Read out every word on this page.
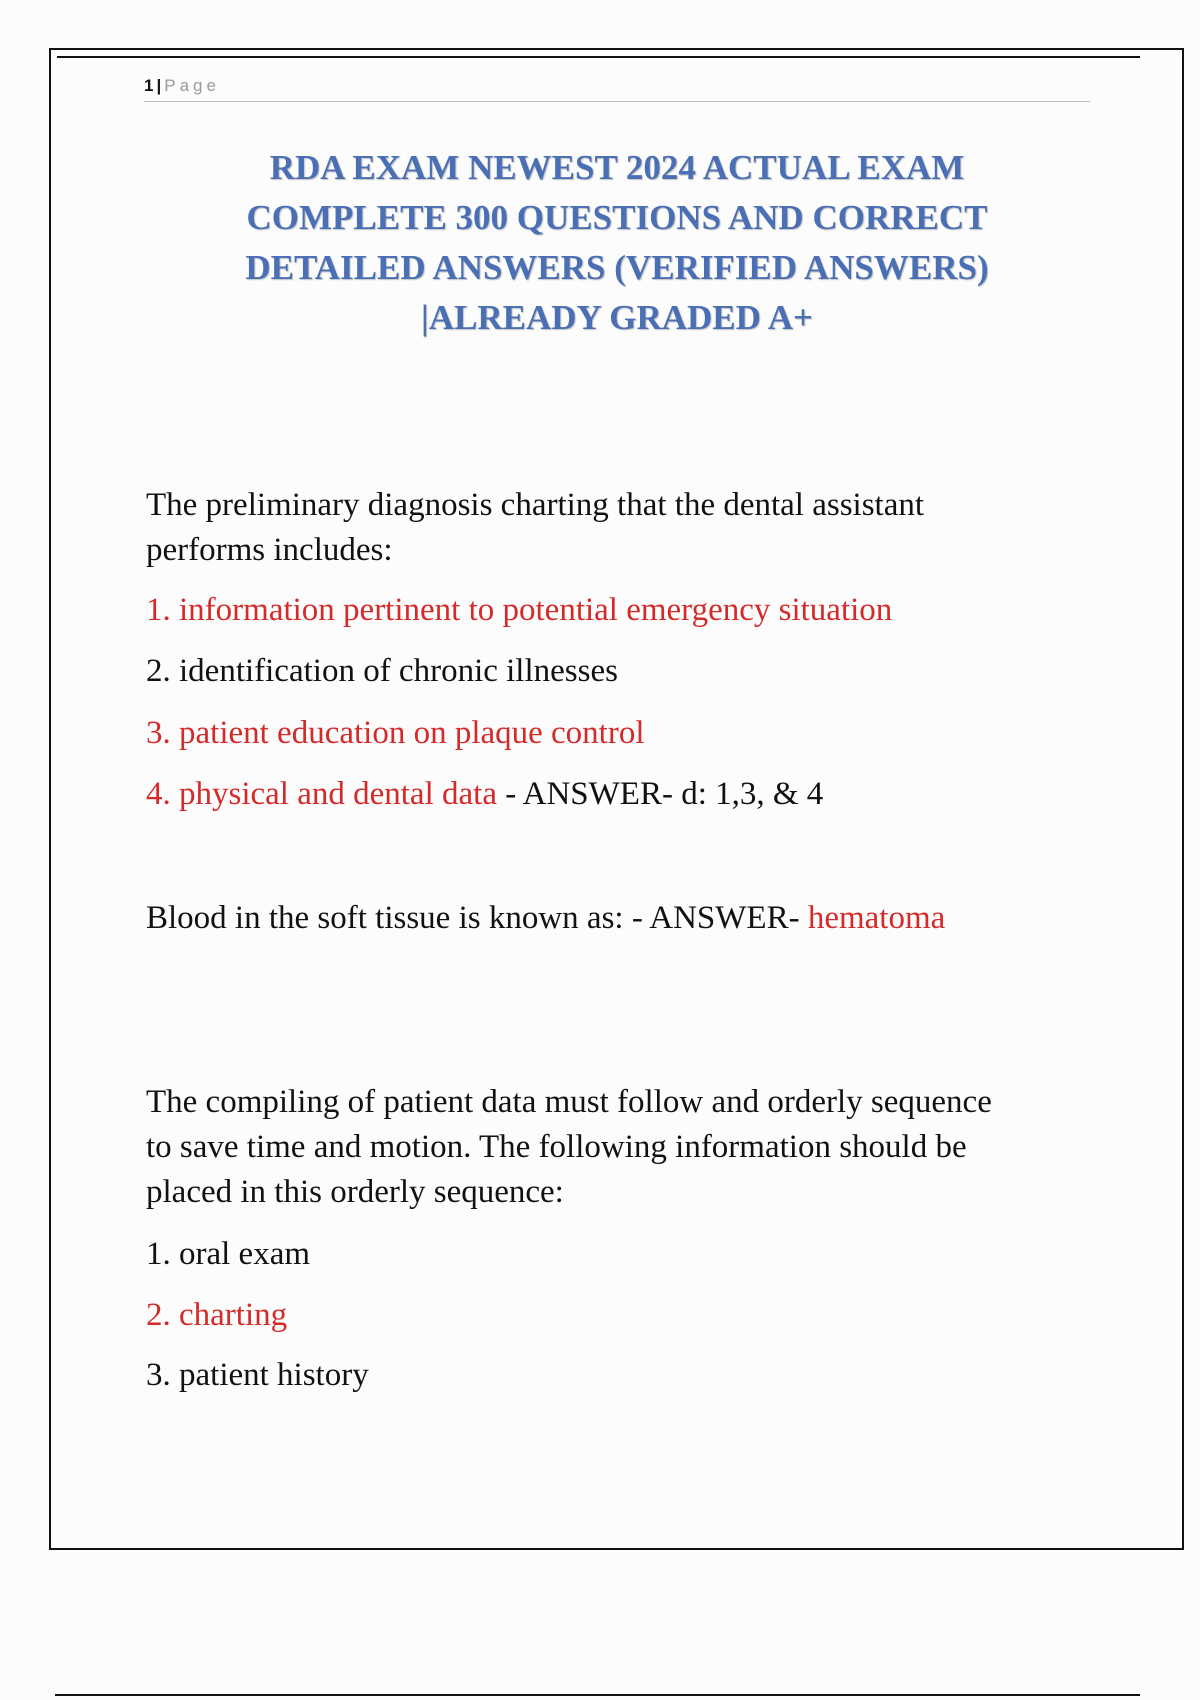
1 | Page
RDA EXAM NEWEST 2024 ACTUAL EXAM
COMPLETE 300 QUESTIONS AND CORRECT
DETAILED ANSWERS (VERIFIED ANSWERS)
|ALREADY GRADED A+
The preliminary diagnosis charting that the dental assistant
performs includes:
1. information pertinent to potential emergency situation
2. identification of chronic illnesses
3. patient education on plaque control
4. physical and dental data - ANSWER- d: 1,3, & 4
Blood in the soft tissue is known as: - ANSWER- hematoma
The compiling of patient data must follow and orderly sequence
to save time and motion. The following information should be
placed in this orderly sequence:
1. oral exam
2. charting
3. patient history
